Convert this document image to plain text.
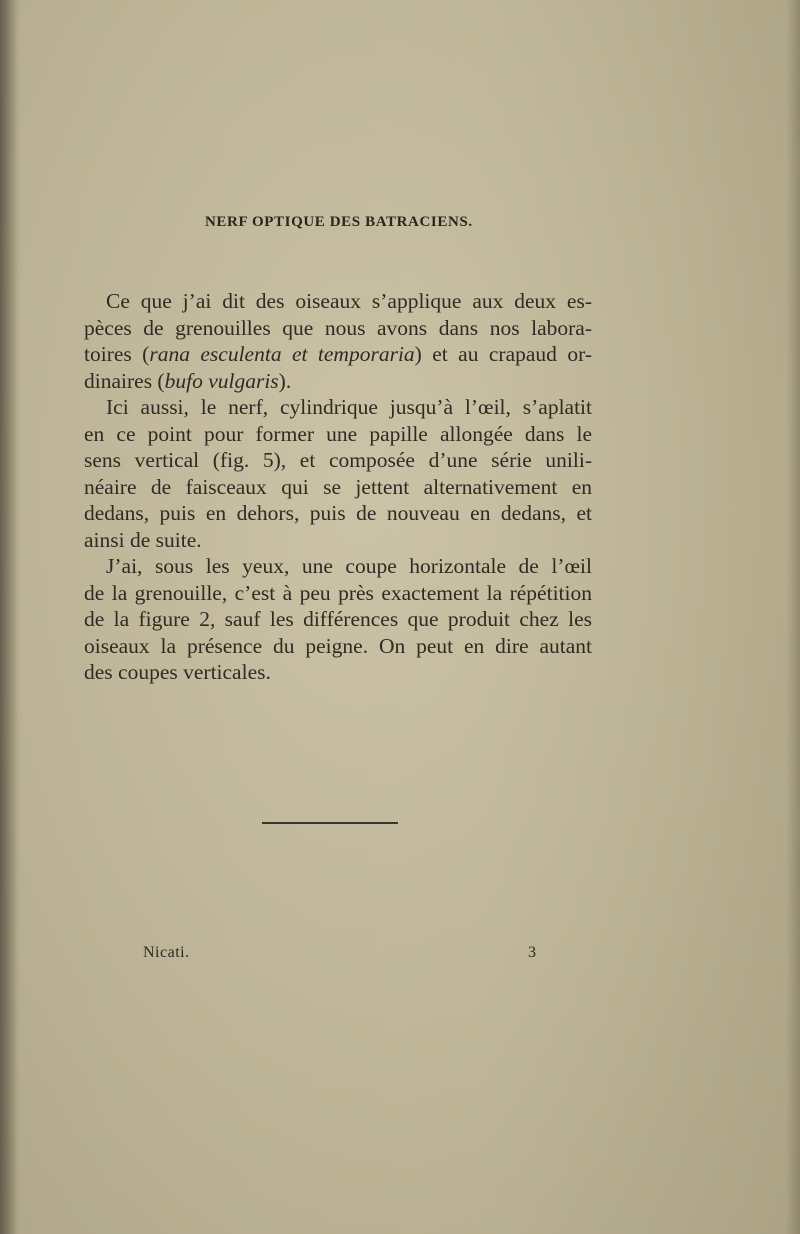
NERF OPTIQUE DES BATRACIENS.

Ce que j’ai dit des oiseaux s’applique aux deux es-
pèces de grenouilles que nous avons dans nos labora-
toires (rana esculenta et temporaria) et au crapaud or-
dinaires (bufo vulgaris).

Ici aussi, le nerf, cylindrique jusqu’à l’œil, s’aplatit
en ce point pour former une papille allongée dans le
sens vertical (fig. 5), et composée d’une série unili-
néaire de faisceaux qui se jettent alternativement en
dedans, puis en dehors, puis de nouveau en dedans, et
ainsi de suite.

J’ai, sous les yeux, une coupe horizontale de l’œil
de la grenouille, c’est à peu près exactement la répétition
de la figure 2, sauf les différences que produit chez les
oiseaux la présence du peigne. On peut en dire autant
des coupes verticales.

Nicati.	3
